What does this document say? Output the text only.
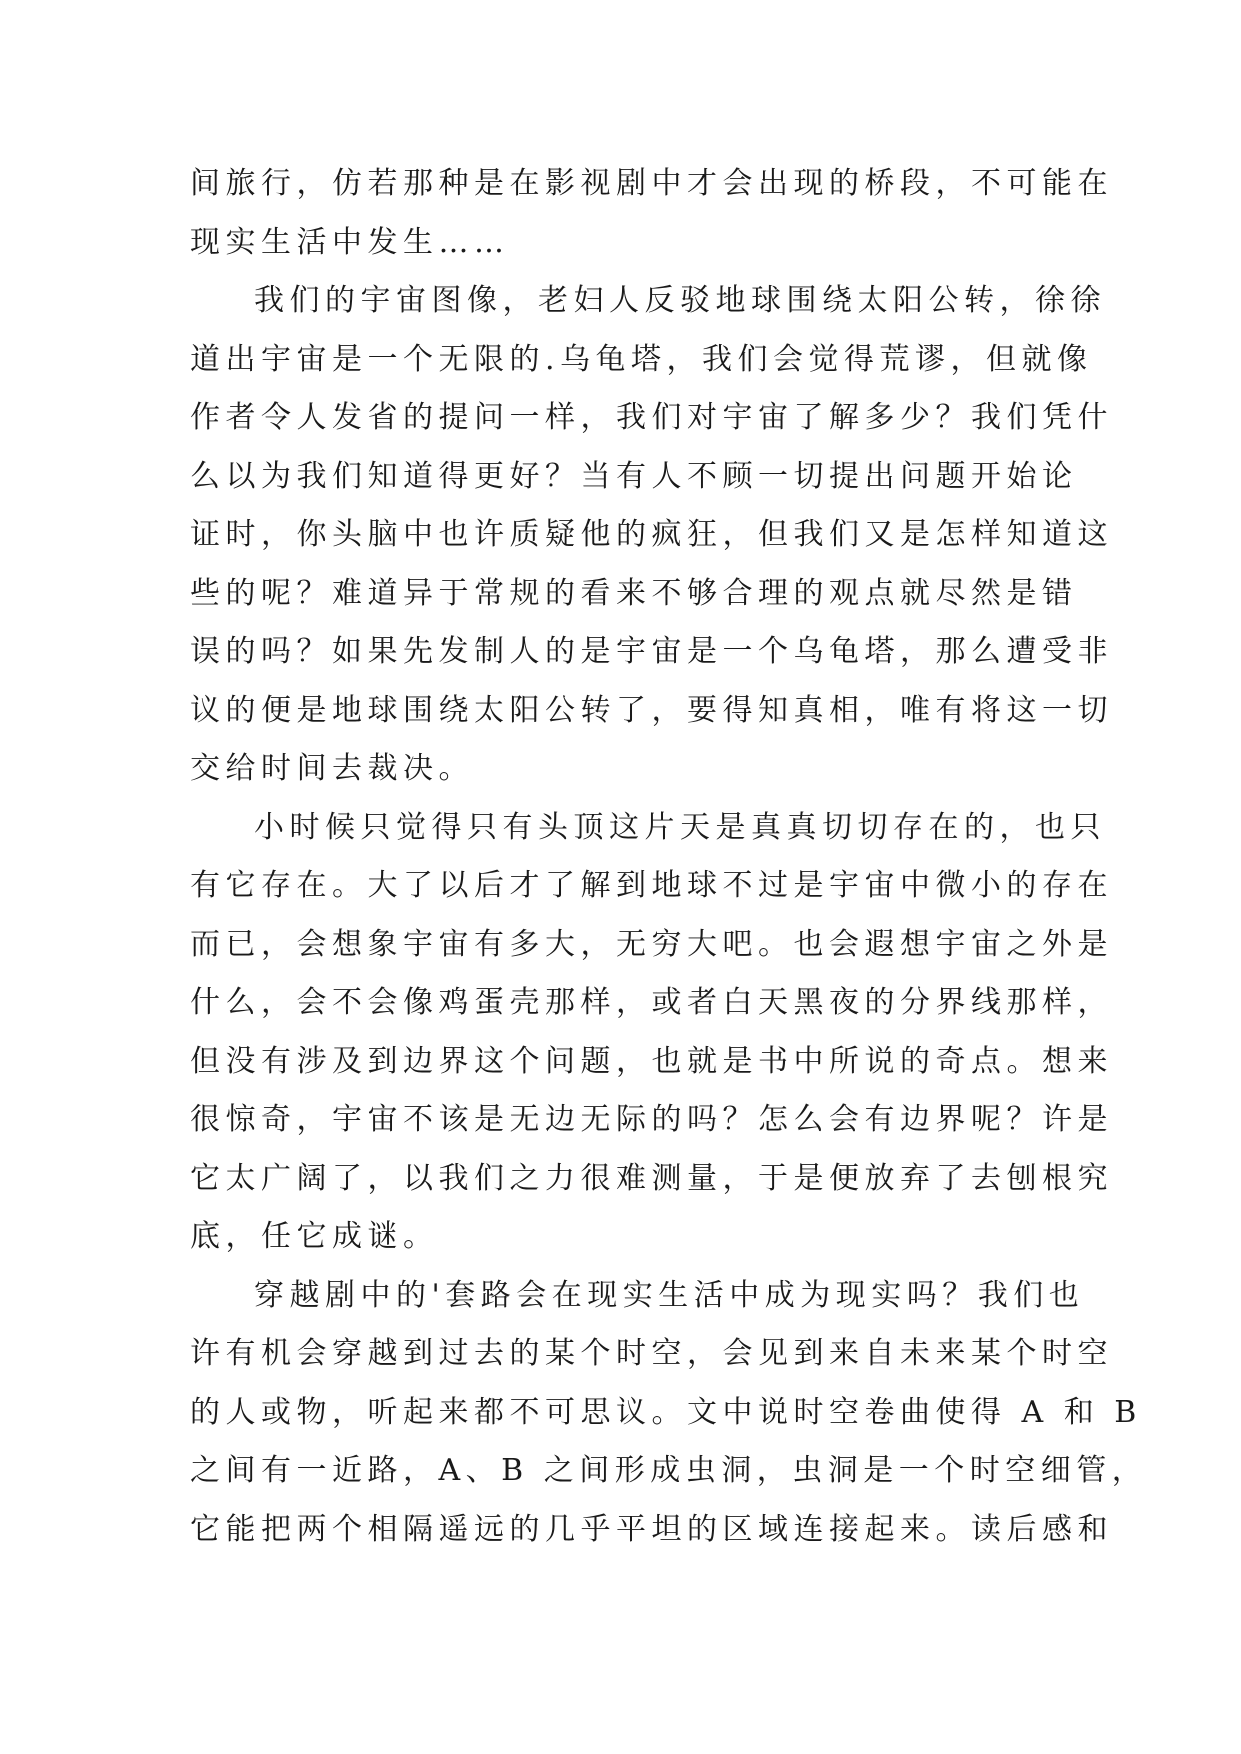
间旅行，仿若那种是在影视剧中才会出现的桥段，不可能在
现实生活中发生……
我们的宇宙图像，老妇人反驳地球围绕太阳公转，徐徐
道出宇宙是一个无限的.乌龟塔，我们会觉得荒谬，但就像
作者令人发省的提问一样，我们对宇宙了解多少？我们凭什
么以为我们知道得更好？当有人不顾一切提出问题开始论
证时，你头脑中也许质疑他的疯狂，但我们又是怎样知道这
些的呢？难道异于常规的看来不够合理的观点就尽然是错
误的吗？如果先发制人的是宇宙是一个乌龟塔，那么遭受非
议的便是地球围绕太阳公转了，要得知真相，唯有将这一切
交给时间去裁决。
小时候只觉得只有头顶这片天是真真切切存在的，也只
有它存在。大了以后才了解到地球不过是宇宙中微小的存在
而已，会想象宇宙有多大，无穷大吧。也会遐想宇宙之外是
什么，会不会像鸡蛋壳那样，或者白天黑夜的分界线那样，
但没有涉及到边界这个问题，也就是书中所说的奇点。想来
很惊奇，宇宙不该是无边无际的吗？怎么会有边界呢？许是
它太广阔了，以我们之力很难测量，于是便放弃了去刨根究
底，任它成谜。
穿越剧中的'套路会在现实生活中成为现实吗？我们也
许有机会穿越到过去的某个时空，会见到来自未来某个时空
的人或物，听起来都不可思议。文中说时空卷曲使得 A 和 B
之间有一近路，A、B 之间形成虫洞，虫洞是一个时空细管，
它能把两个相隔遥远的几乎平坦的区域连接起来。读后感和
